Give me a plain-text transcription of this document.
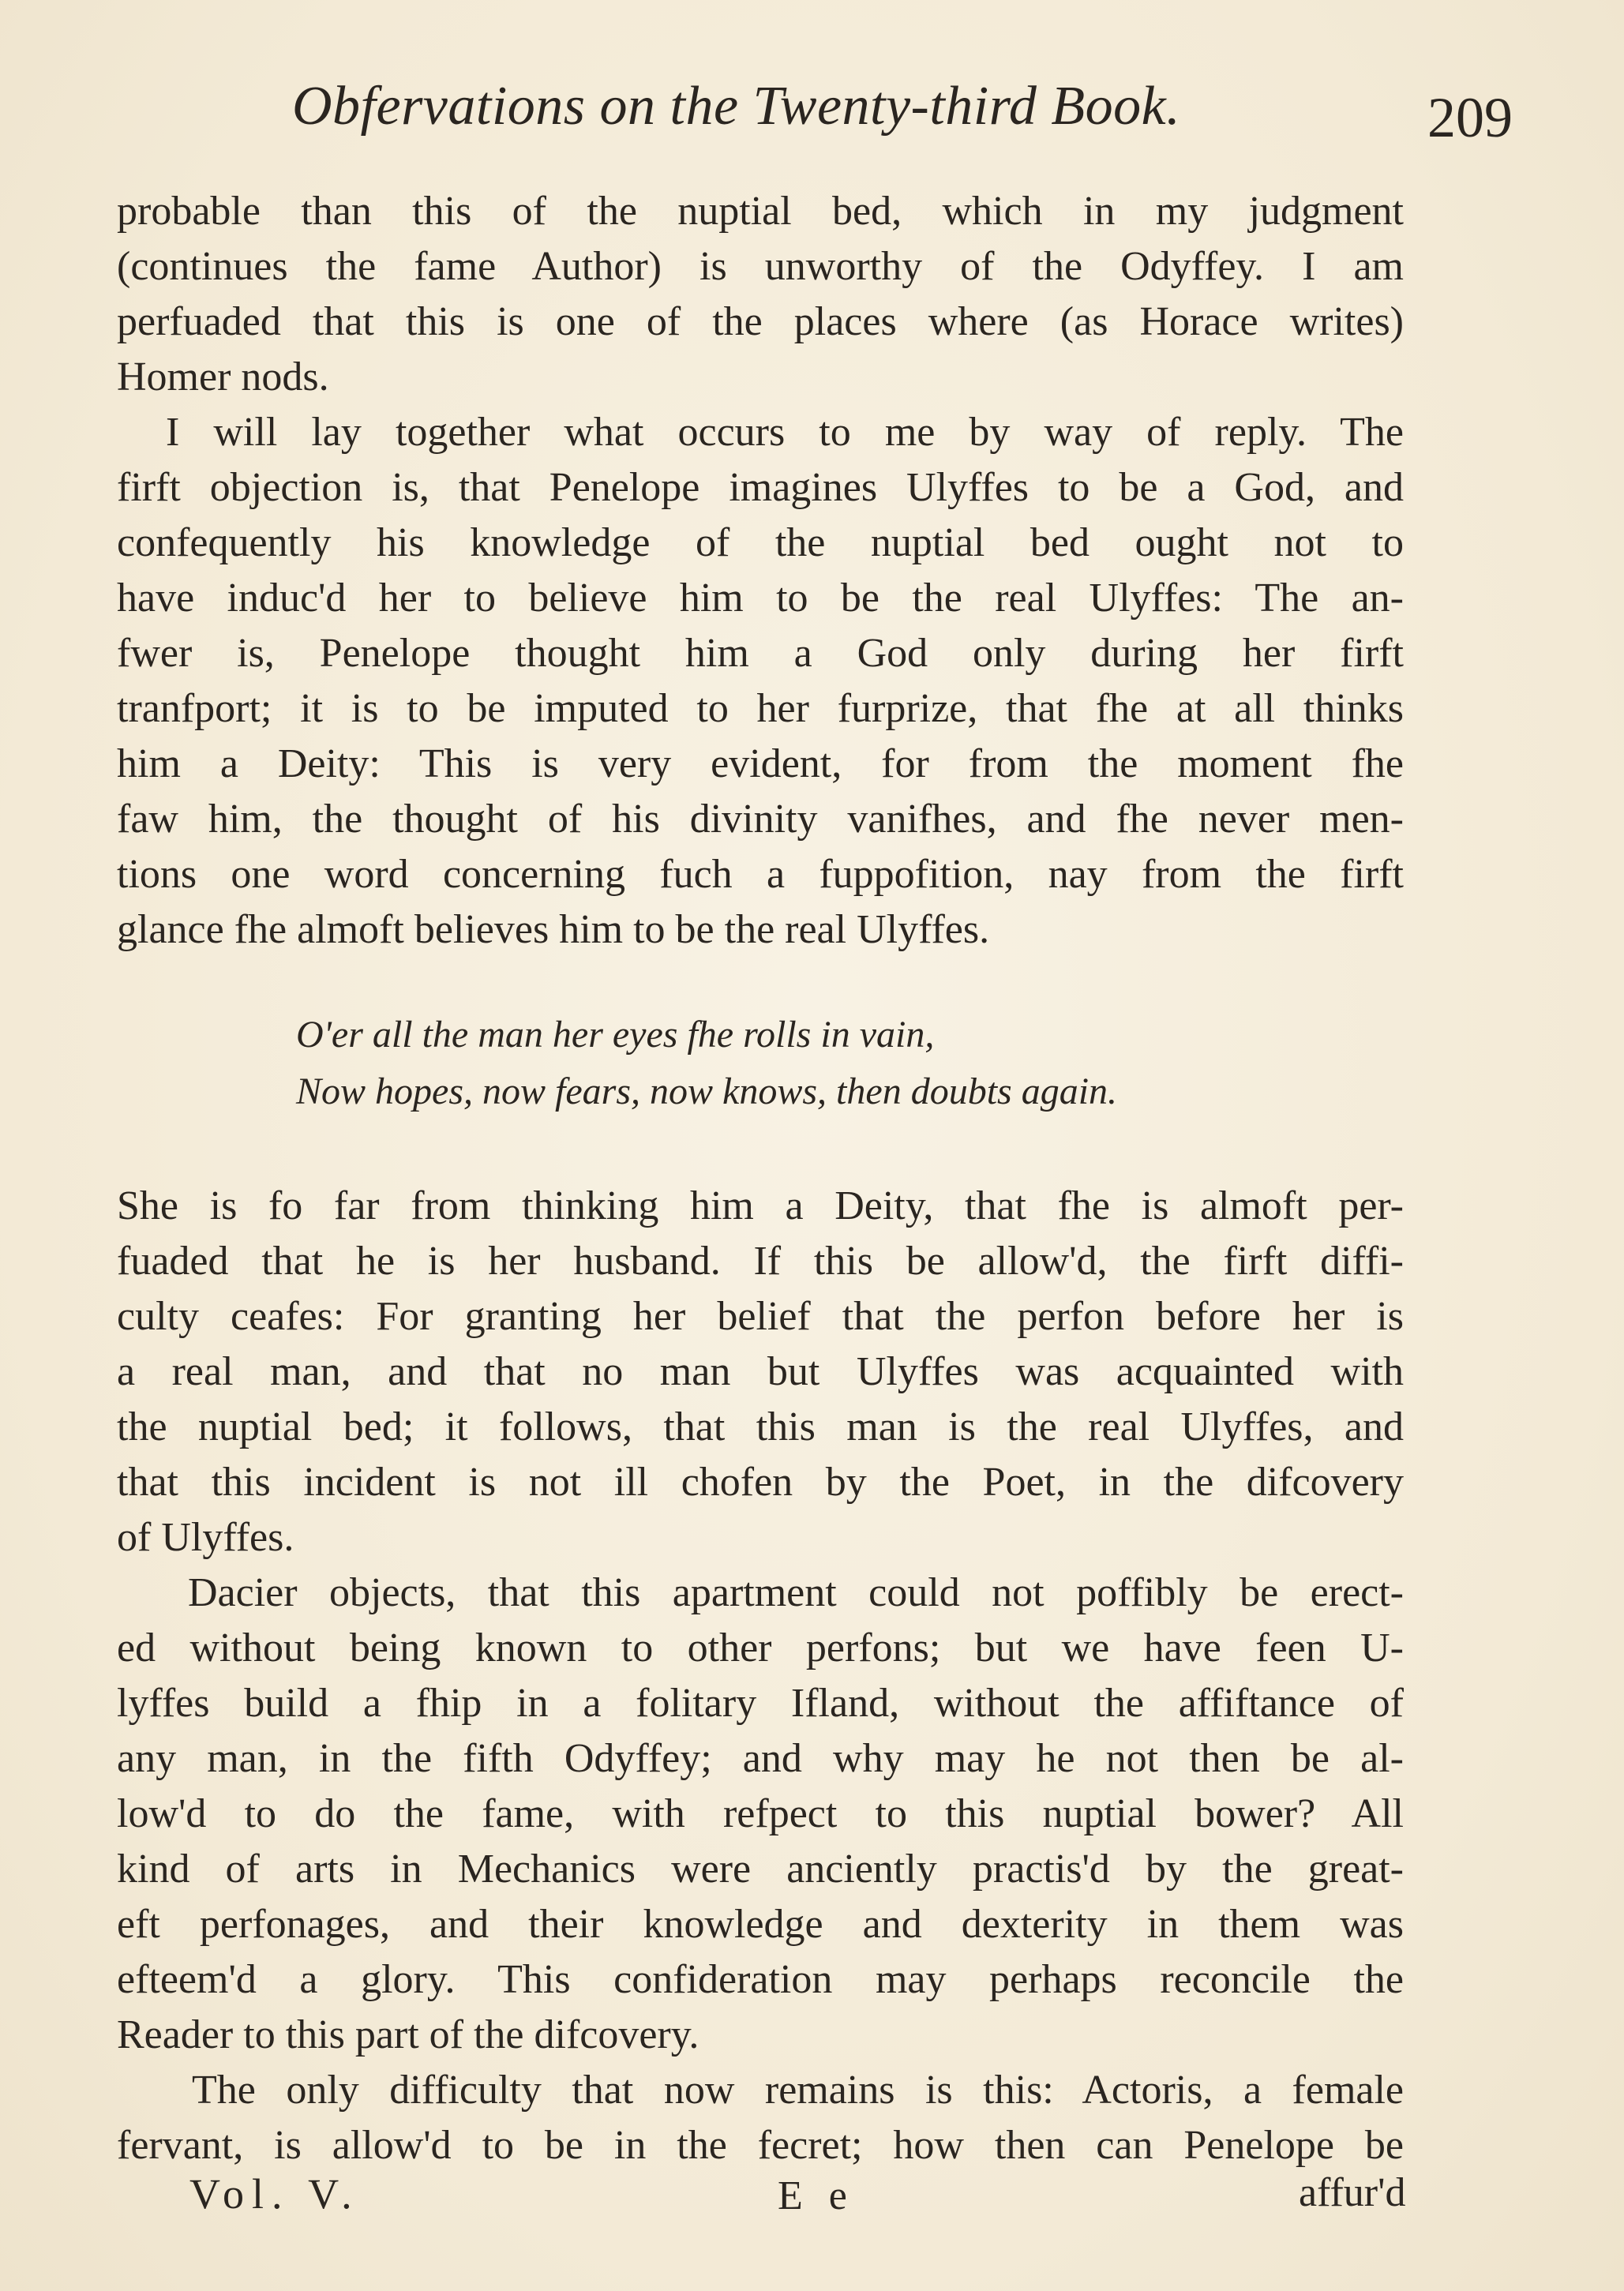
Obfervations on the Twenty-third Book.	209
probable than this of the nuptial bed, which in my judgment
(continues the fame Author) is unworthy of the Odyffey. I am
perfuaded that this is one of the places where (as Horace writes)
Homer nods.
I will lay together what occurs to me by way of reply. The
firft objection is, that Penelope imagines Ulyffes to be a God, and
confequently his knowledge of the nuptial bed ought not to
have induc'd her to believe him to be the real Ulyffes: The an-
fwer is, Penelope thought him a God only during her firft
tranfport; it is to be imputed to her furprize, that fhe at all thinks
him a Deity: This is very evident, for from the moment fhe
faw him, the thought of his divinity vanifhes, and fhe never men-
tions one word concerning fuch a fuppofition, nay from the firft
glance fhe almoft believes him to be the real Ulyffes.
O'er all the man her eyes fhe rolls in vain,
Now hopes, now fears, now knows, then doubts again.
She is fo far from thinking him a Deity, that fhe is almoft per-
fuaded that he is her husband. If this be allow'd, the firft diffi-
culty ceafes: For granting her belief that the perfon before her is
a real man, and that no man but Ulyffes was acquainted with
the nuptial bed; it follows, that this man is the real Ulyffes, and
that this incident is not ill chofen by the Poet, in the difcovery
of Ulyffes.
Dacier objects, that this apartment could not poffibly be erect-
ed without being known to other perfons; but we have feen U-
lyffes build a fhip in a folitary Ifland, without the affiftance of
any man, in the fifth Odyffey; and why may he not then be al-
low'd to do the fame, with refpect to this nuptial bower? All
kind of arts in Mechanics were anciently practis'd by the great-
eft perfonages, and their knowledge and dexterity in them was
efteem'd a glory. This confideration may perhaps reconcile the
Reader to this part of the difcovery.
The only difficulty that now remains is this: Actoris, a female
fervant, is allow'd to be in the fecret; how then can Penelope be
Vol. V.	E e	affur'd
